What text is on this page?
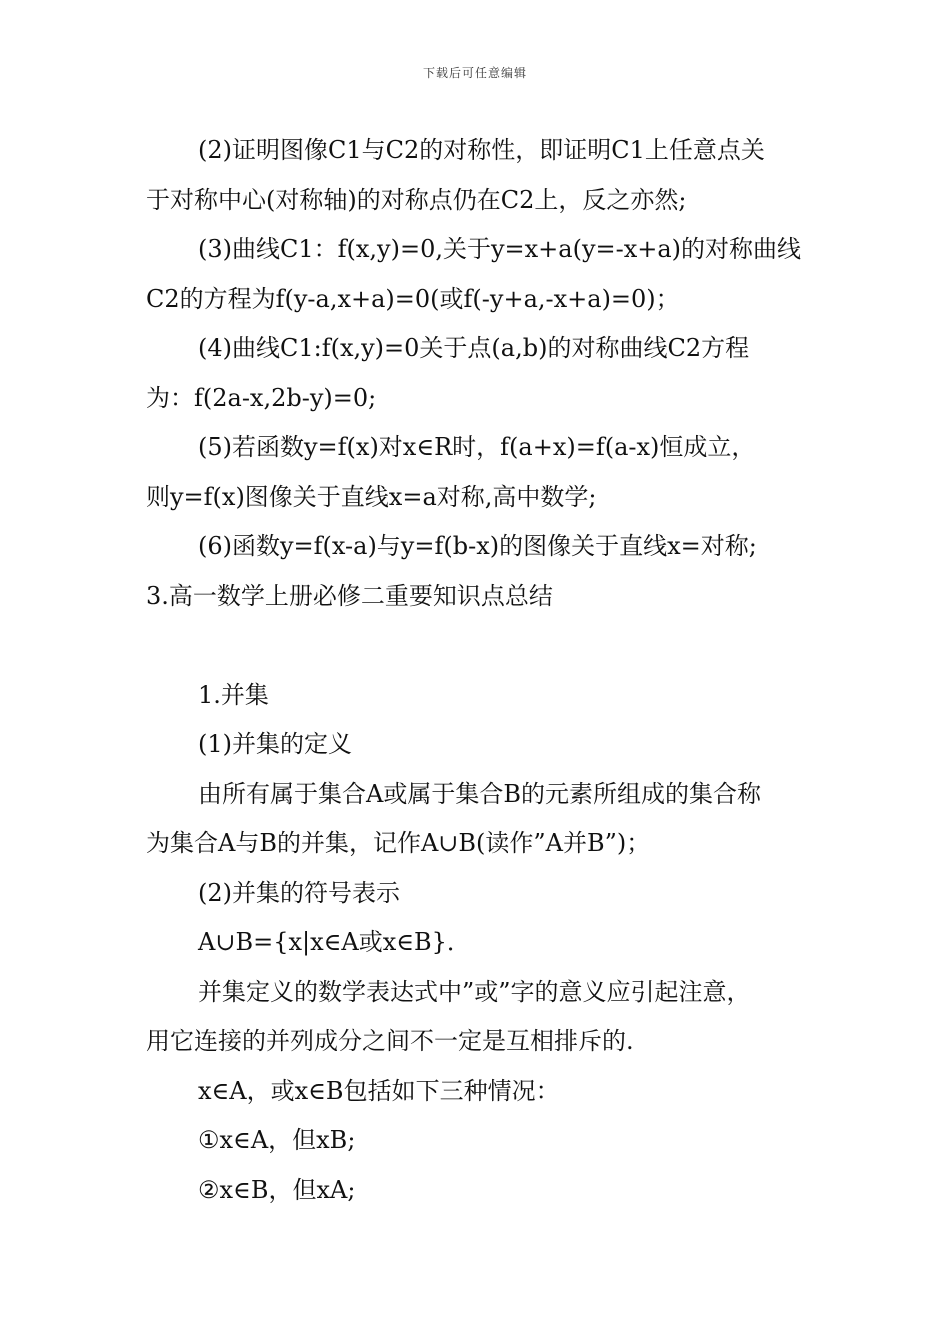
下载后可任意编辑
(2)证明图像C1与C2的对称性，即证明C1上任意点关
于对称中心(对称轴)的对称点仍在C2上，反之亦然;
(3)曲线C1：f(x,y)=0,关于y=x+a(y=-x+a)的对称曲线
C2的方程为f(y-a,x+a)=0(或f(-y+a,-x+a)=0)；
(4)曲线C1:f(x,y)=0关于点(a,b)的对称曲线C2方程
为：f(2a-x,2b-y)=0;
(5)若函数y=f(x)对x∈R时，f(a+x)=f(a-x)恒成立，
则y=f(x)图像关于直线x=a对称,高中数学;
(6)函数y=f(x-a)与y=f(b-x)的图像关于直线x=对称;
3.高一数学上册必修二重要知识点总结
1.并集
(1)并集的定义
由所有属于集合A或属于集合B的元素所组成的集合称
为集合A与B的并集，记作A∪B(读作”A并B”)；
(2)并集的符号表示
A∪B={x|x∈A或x∈B}．
并集定义的数学表达式中”或”字的意义应引起注意，
用它连接的并列成分之间不一定是互相排斥的.
x∈A，或x∈B包括如下三种情况：
①x∈A，但xB;
②x∈B，但xA;
